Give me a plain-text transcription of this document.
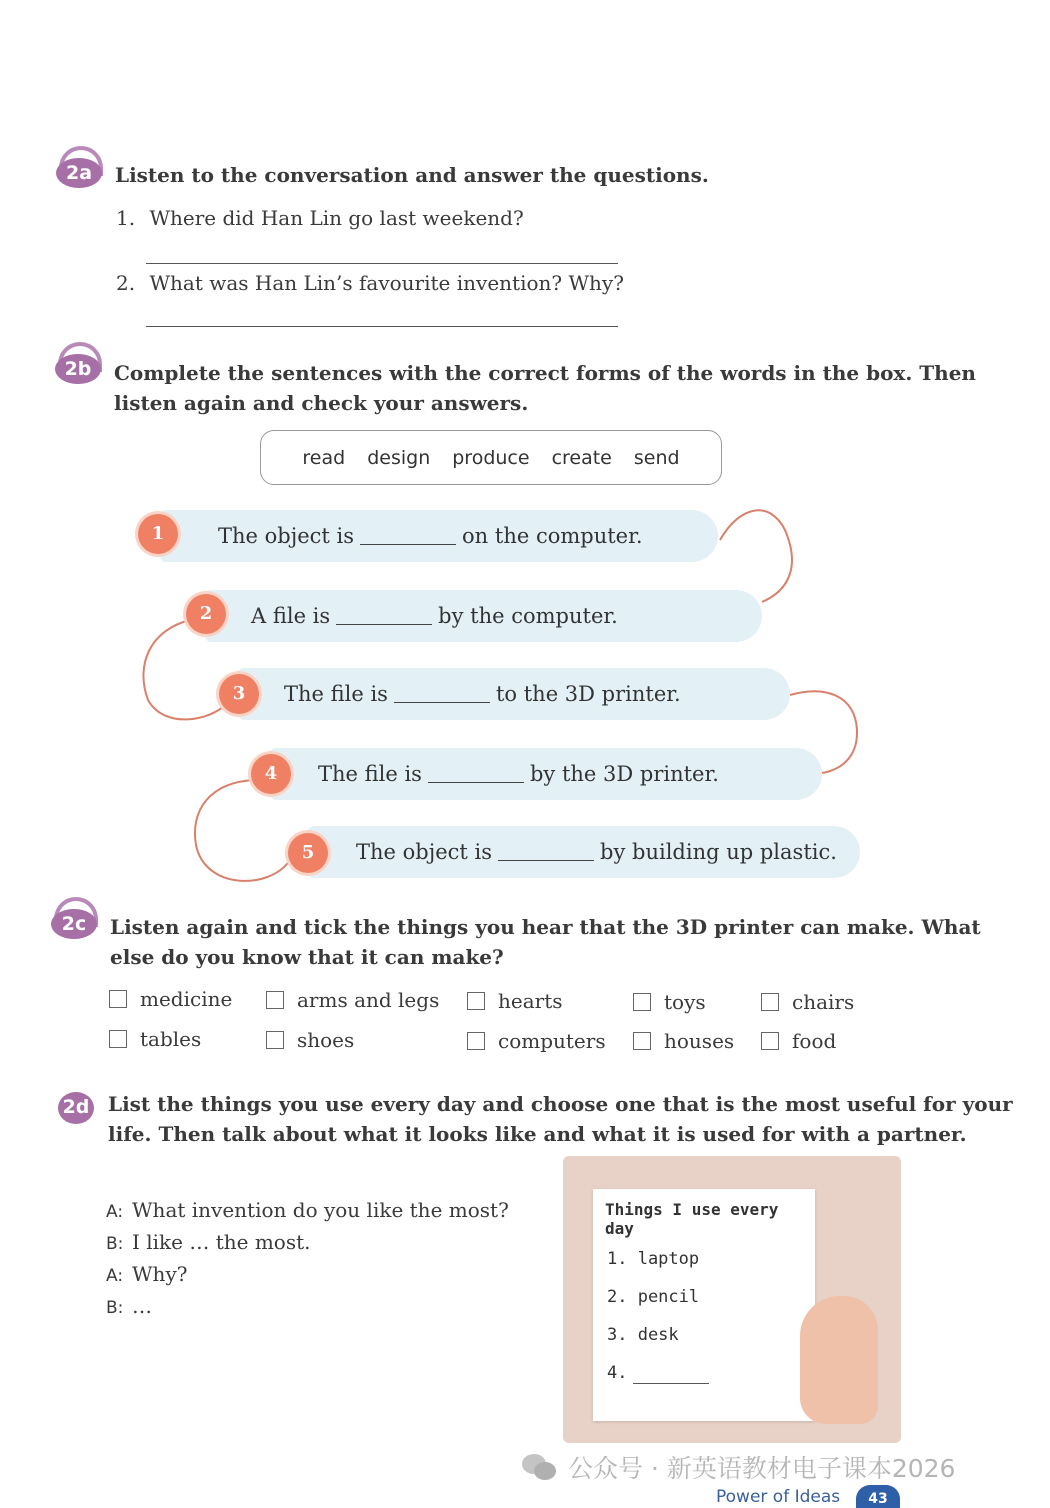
2a	Listen to the conversation and answer the questions.
1. Where did Han Lin go last weekend?
2. What was Han Lin’s favourite invention? Why?
2b	Complete the sentences with the correct forms of the words in the box. Then
listen again and check your answers.
read design produce create send
The object is	on the computer.
1
A file is	by the computer.
2
The file is	to the 3D printer.
3
The file is	by the 3D printer.
4
The object is	by building up plastic.
5
2c	Listen again and tick the things you hear that the 3D printer can make. What
else do you know that it can make?
medicine	arms and legs	hearts	toys	chairs
tables	shoes	computers	houses	food
2d List the things you use every day and choose one that is the most useful for your
life. Then talk about what it looks like and what it is used for with a partner.
A: What invention do you like the most?
B: I like … the most.
A: Why?
B: …
Things I use every day
1. laptop
2. pencil
3. desk
4.
公众号 · 新英语教材电子课本2026
Power of Ideas	43
